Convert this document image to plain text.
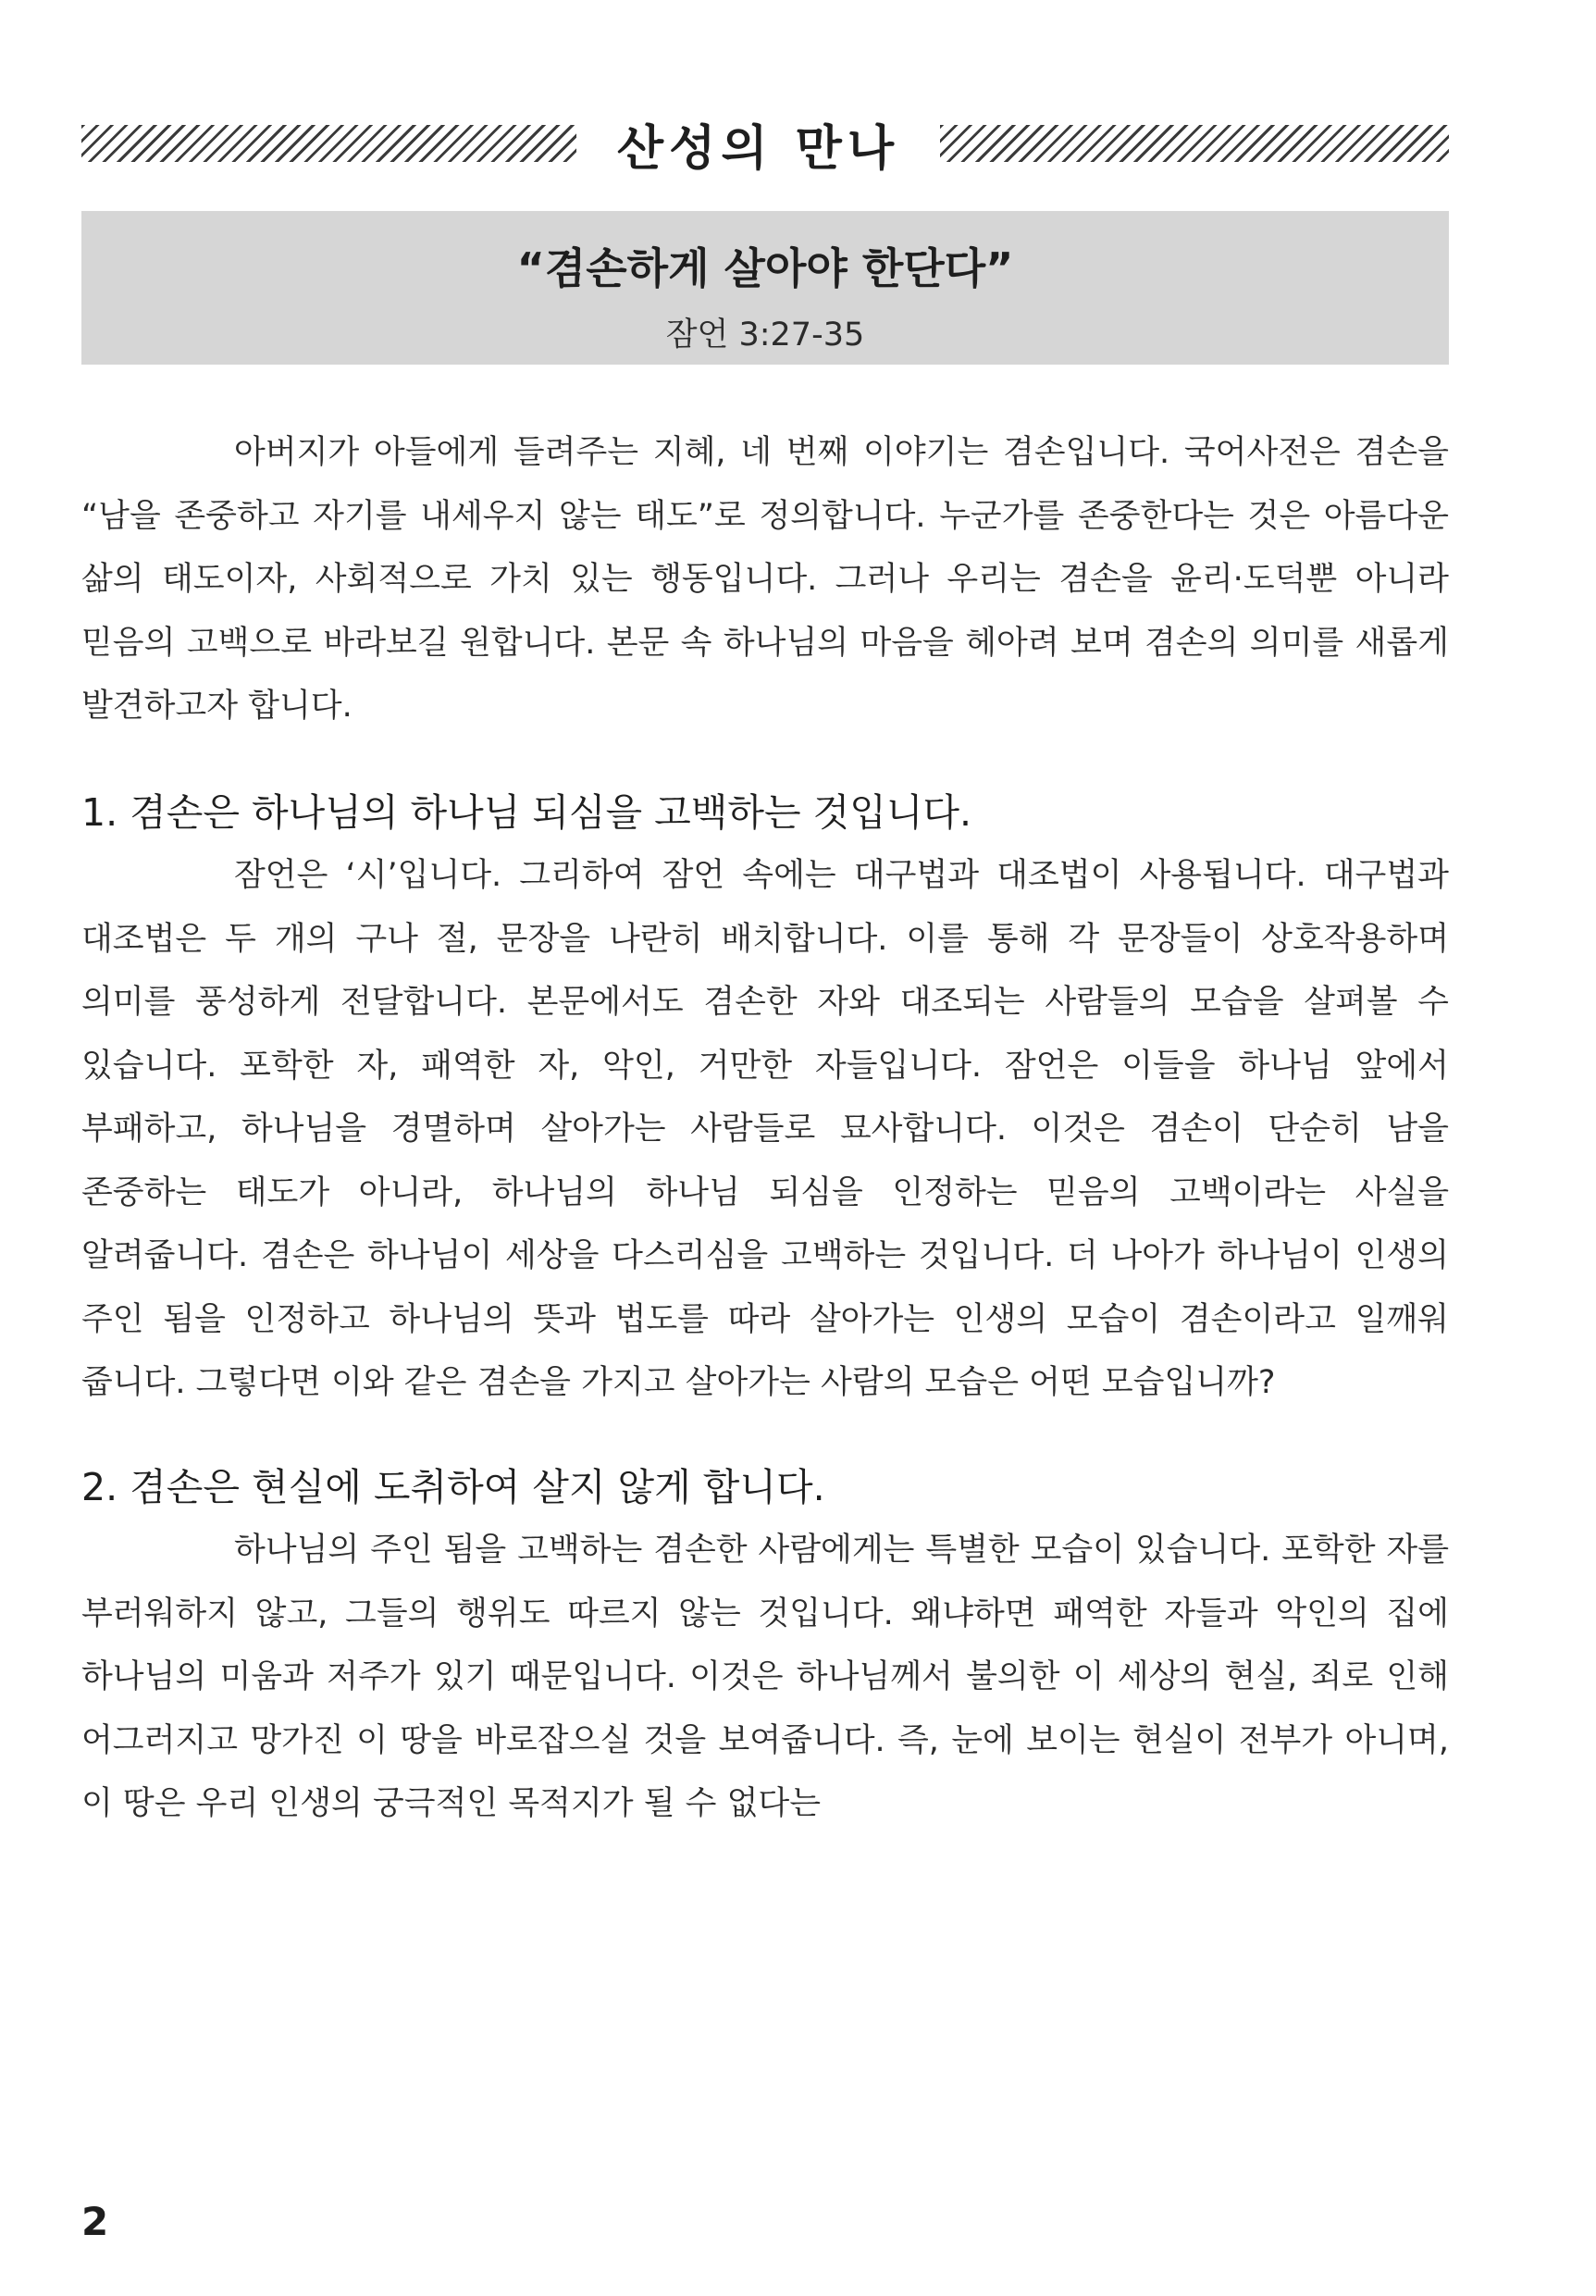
산성의 만나
“겸손하게 살아야 한단다”
잠언 3:27-35

아버지가 아들에게 들려주는 지혜, 네 번째 이야기는 겸손입니다. 국어사전은 겸손을 “남을 존중하고 자기를 내세우지 않는 태도”로 정의합니다. 누군가를 존중한다는 것은 아름다운 삶의 태도이자, 사회적으로 가치 있는 행동입니다. 그러나 우리는 겸손을 윤리·도덕뿐 아니라 믿음의 고백으로 바라보길 원합니다. 본문 속 하나님의 마음을 헤아려 보며 겸손의 의미를 새롭게 발견하고자 합니다.

1. 겸손은 하나님의 하나님 되심을 고백하는 것입니다.

잠언은 ‘시’입니다. 그리하여 잠언 속에는 대구법과 대조법이 사용됩니다. 대구법과 대조법은 두 개의 구나 절, 문장을 나란히 배치합니다. 이를 통해 각 문장들이 상호작용하며 의미를 풍성하게 전달합니다. 본문에서도 겸손한 자와 대조되는 사람들의 모습을 살펴볼 수 있습니다. 포학한 자, 패역한 자, 악인, 거만한 자들입니다. 잠언은 이들을 하나님 앞에서 부패하고, 하나님을 경멸하며 살아가는 사람들로 묘사합니다. 이것은 겸손이 단순히 남을 존중하는 태도가 아니라, 하나님의 하나님 되심을 인정하는 믿음의 고백이라는 사실을 알려줍니다. 겸손은 하나님이 세상을 다스리심을 고백하는 것입니다. 더 나아가 하나님이 인생의 주인 됨을 인정하고 하나님의 뜻과 법도를 따라 살아가는 인생의 모습이 겸손이라고 일깨워 줍니다. 그렇다면 이와 같은 겸손을 가지고 살아가는 사람의 모습은 어떤 모습입니까?

2. 겸손은 현실에 도취하여 살지 않게 합니다.

하나님의 주인 됨을 고백하는 겸손한 사람에게는 특별한 모습이 있습니다. 포학한 자를 부러워하지 않고, 그들의 행위도 따르지 않는 것입니다. 왜냐하면 패역한 자들과 악인의 집에 하나님의 미움과 저주가 있기 때문입니다. 이것은 하나님께서 불의한 이 세상의 현실, 죄로 인해 어그러지고 망가진 이 땅을 바로잡으실 것을 보여줍니다. 즉, 눈에 보이는 현실이 전부가 아니며, 이 땅은 우리 인생의 궁극적인 목적지가 될 수 없다는

2
